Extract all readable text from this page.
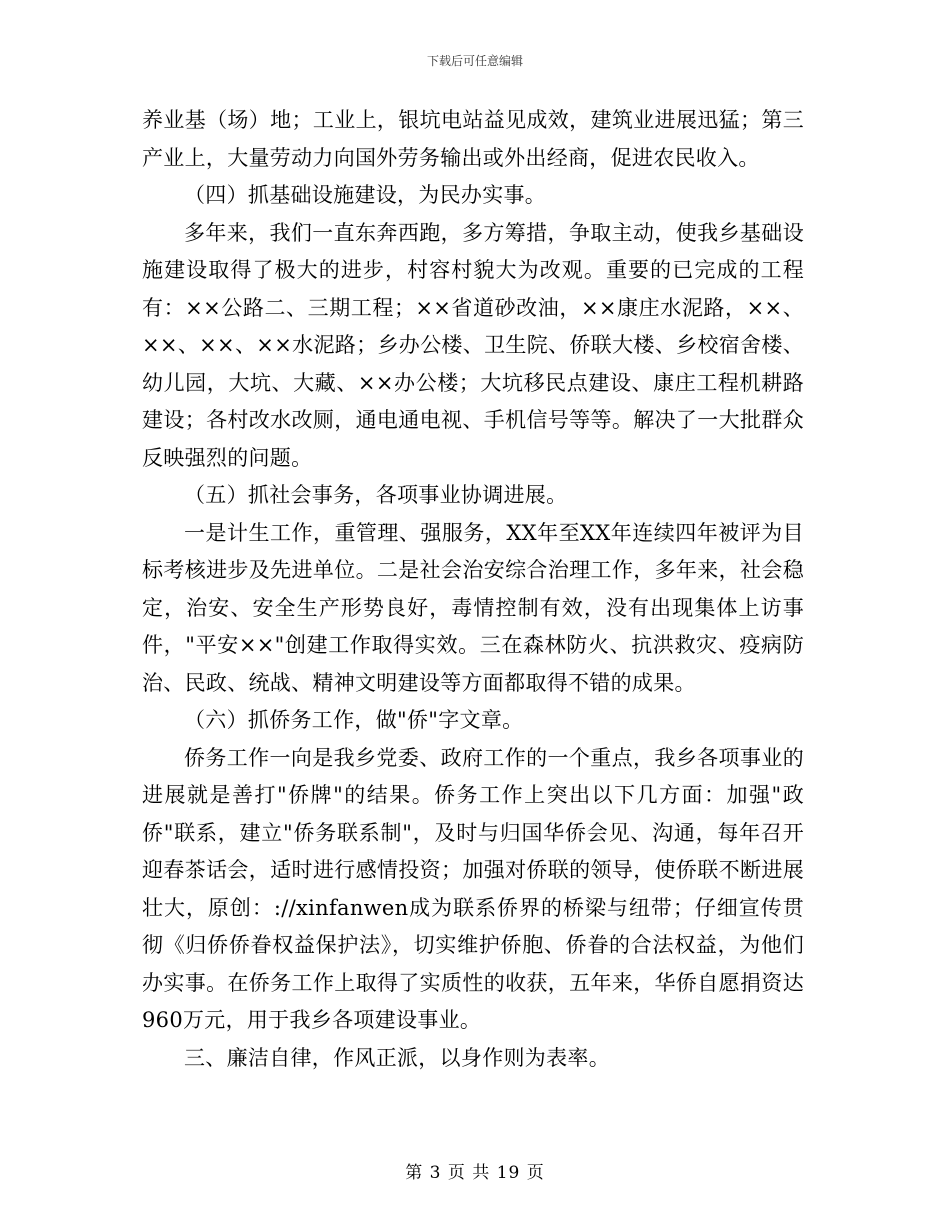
下载后可任意编辑

养业基（场）地；工业上，银坑电站益见成效，建筑业进展迅猛；第三产业上，大量劳动力向国外劳务输出或外出经商，促进农民收入。

（四）抓基础设施建设，为民办实事。

多年来，我们一直东奔西跑，多方筹措，争取主动，使我乡基础设施建设取得了极大的进步，村容村貌大为改观。重要的已完成的工程有：××公路二、三期工程；××省道砂改油，××康庄水泥路，××、××、××、××水泥路；乡办公楼、卫生院、侨联大楼、乡校宿舍楼、幼儿园，大坑、大藏、××办公楼；大坑移民点建设、康庄工程机耕路建设；各村改水改厕，通电通电视、手机信号等等。解决了一大批群众反映强烈的问题。

（五）抓社会事务，各项事业协调进展。

一是计生工作，重管理、强服务，XX年至XX年连续四年被评为目标考核进步及先进单位。二是社会治安综合治理工作，多年来，社会稳定，治安、安全生产形势良好，毒情控制有效，没有出现集体上访事件，"平安××"创建工作取得实效。三在森林防火、抗洪救灾、疫病防治、民政、统战、精神文明建设等方面都取得不错的成果。

（六）抓侨务工作，做"侨"字文章。

侨务工作一向是我乡党委、政府工作的一个重点，我乡各项事业的进展就是善打"侨牌"的结果。侨务工作上突出以下几方面：加强"政侨"联系，建立"侨务联系制"，及时与归国华侨会见、沟通，每年召开迎春茶话会，适时进行感情投资；加强对侨联的领导，使侨联不断进展壮大，原创：://xinfanwen成为联系侨界的桥梁与纽带；仔细宣传贯彻《归侨侨眷权益保护法》，切实维护侨胞、侨眷的合法权益，为他们办实事。在侨务工作上取得了实质性的收获，五年来，华侨自愿捐资达960万元，用于我乡各项建设事业。

三、廉洁自律，作风正派，以身作则为表率。

第 3 页 共 19 页
